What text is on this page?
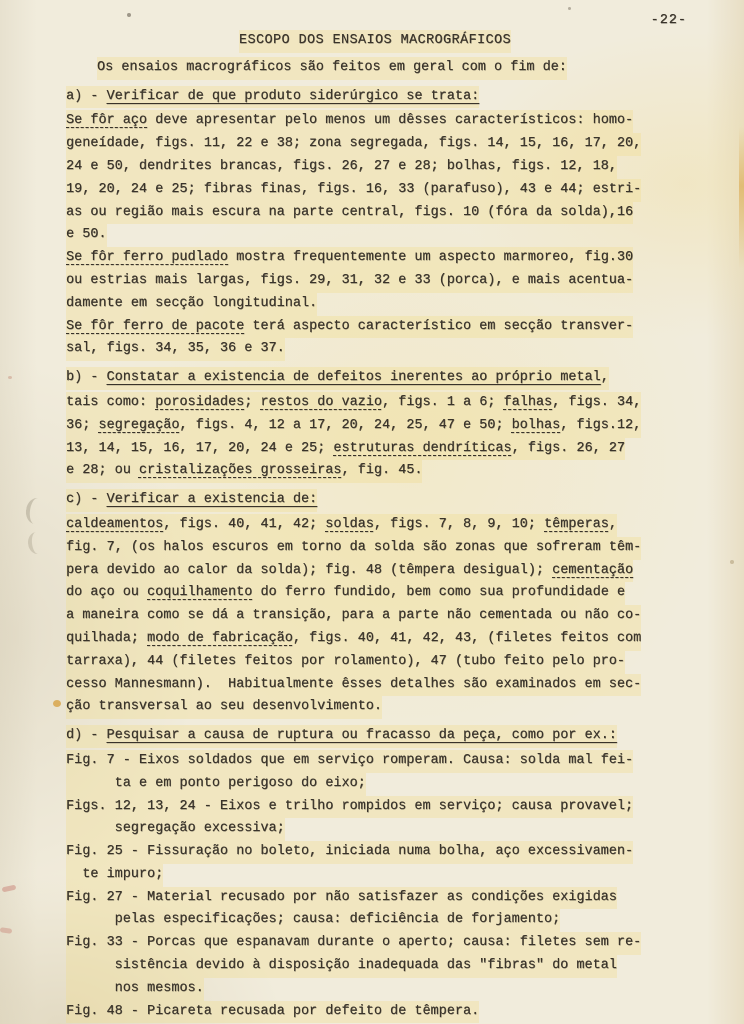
-22-
ESCOPO DOS ENSAIOS MACROGRÁFICOS
Os ensaios macrográficos são feitos em geral com o fim de:
a) - Verificar de que produto siderúrgico se trata:
Se fôr aço deve apresentar pelo menos um dêsses característicos: homo-
geneídade, figs. 11, 22 e 38; zona segregada, figs. 14, 15, 16, 17, 20,
24 e 50, dendrites brancas, figs. 26, 27 e 28; bolhas, figs. 12, 18,
19, 20, 24 e 25; fibras finas, figs. 16, 33 (parafuso), 43 e 44; estri-
as ou região mais escura na parte central, figs. 10 (fóra da solda),16
e 50.
Se fôr ferro pudlado mostra frequentemente um aspecto marmoreo, fig.30
ou estrias mais largas, figs. 29, 31, 32 e 33 (porca), e mais acentua-
damente em secção longitudinal.
Se fôr ferro de pacote terá aspecto característico em secção transver-
sal, figs. 34, 35, 36 e 37.
b) - Constatar a existencia de defeitos inerentes ao próprio metal,
tais como: porosidades; restos do vazio, figs. 1 a 6; falhas, figs. 34,
36; segregação, figs. 4, 12 a 17, 20, 24, 25, 47 e 50; bolhas, figs.12,
13, 14, 15, 16, 17, 20, 24 e 25; estruturas dendríticas, figs. 26, 27
e 28; ou cristalizações grosseiras, fig. 45.
c) - Verificar a existencia de:
caldeamentos, figs. 40, 41, 42; soldas, figs. 7, 8, 9, 10; têmperas,
fig. 7, (os halos escuros em torno da solda são zonas que sofreram têm-
pera devido ao calor da solda); fig. 48 (têmpera desigual); cementação
do aço ou coquilhamento do ferro fundido, bem como sua profundidade e
a maneira como se dá a transição, para a parte não cementada ou não co-
quilhada; modo de fabricação, figs. 40, 41, 42, 43, (filetes feitos com
tarraxa), 44 (filetes feitos por rolamento), 47 (tubo feito pelo pro-
cesso Mannesmann).  Habitualmente êsses detalhes são examinados em sec-
ção transversal ao seu desenvolvimento.
d) - Pesquisar a causa de ruptura ou fracasso da peça, como por ex.:
Fig. 7 - Eixos soldados que em serviço romperam. Causa: solda mal fei-
ta e em ponto perigoso do eixo;
Figs. 12, 13, 24 - Eixos e trilho rompidos em serviço; causa provavel;
segregação excessiva;
Fig. 25 - Fissuração no boleto, iniciada numa bolha, aço excessivamen-
te impuro;
Fig. 27 - Material recusado por não satisfazer as condições exigidas
pelas especificações; causa: deficiência de forjamento;
Fig. 33 - Porcas que espanavam durante o aperto; causa: filetes sem re-
sistência devido à disposição inadequada das "fibras" do metal
nos mesmos.
Fig. 48 - Picareta recusada por defeito de têmpera.
